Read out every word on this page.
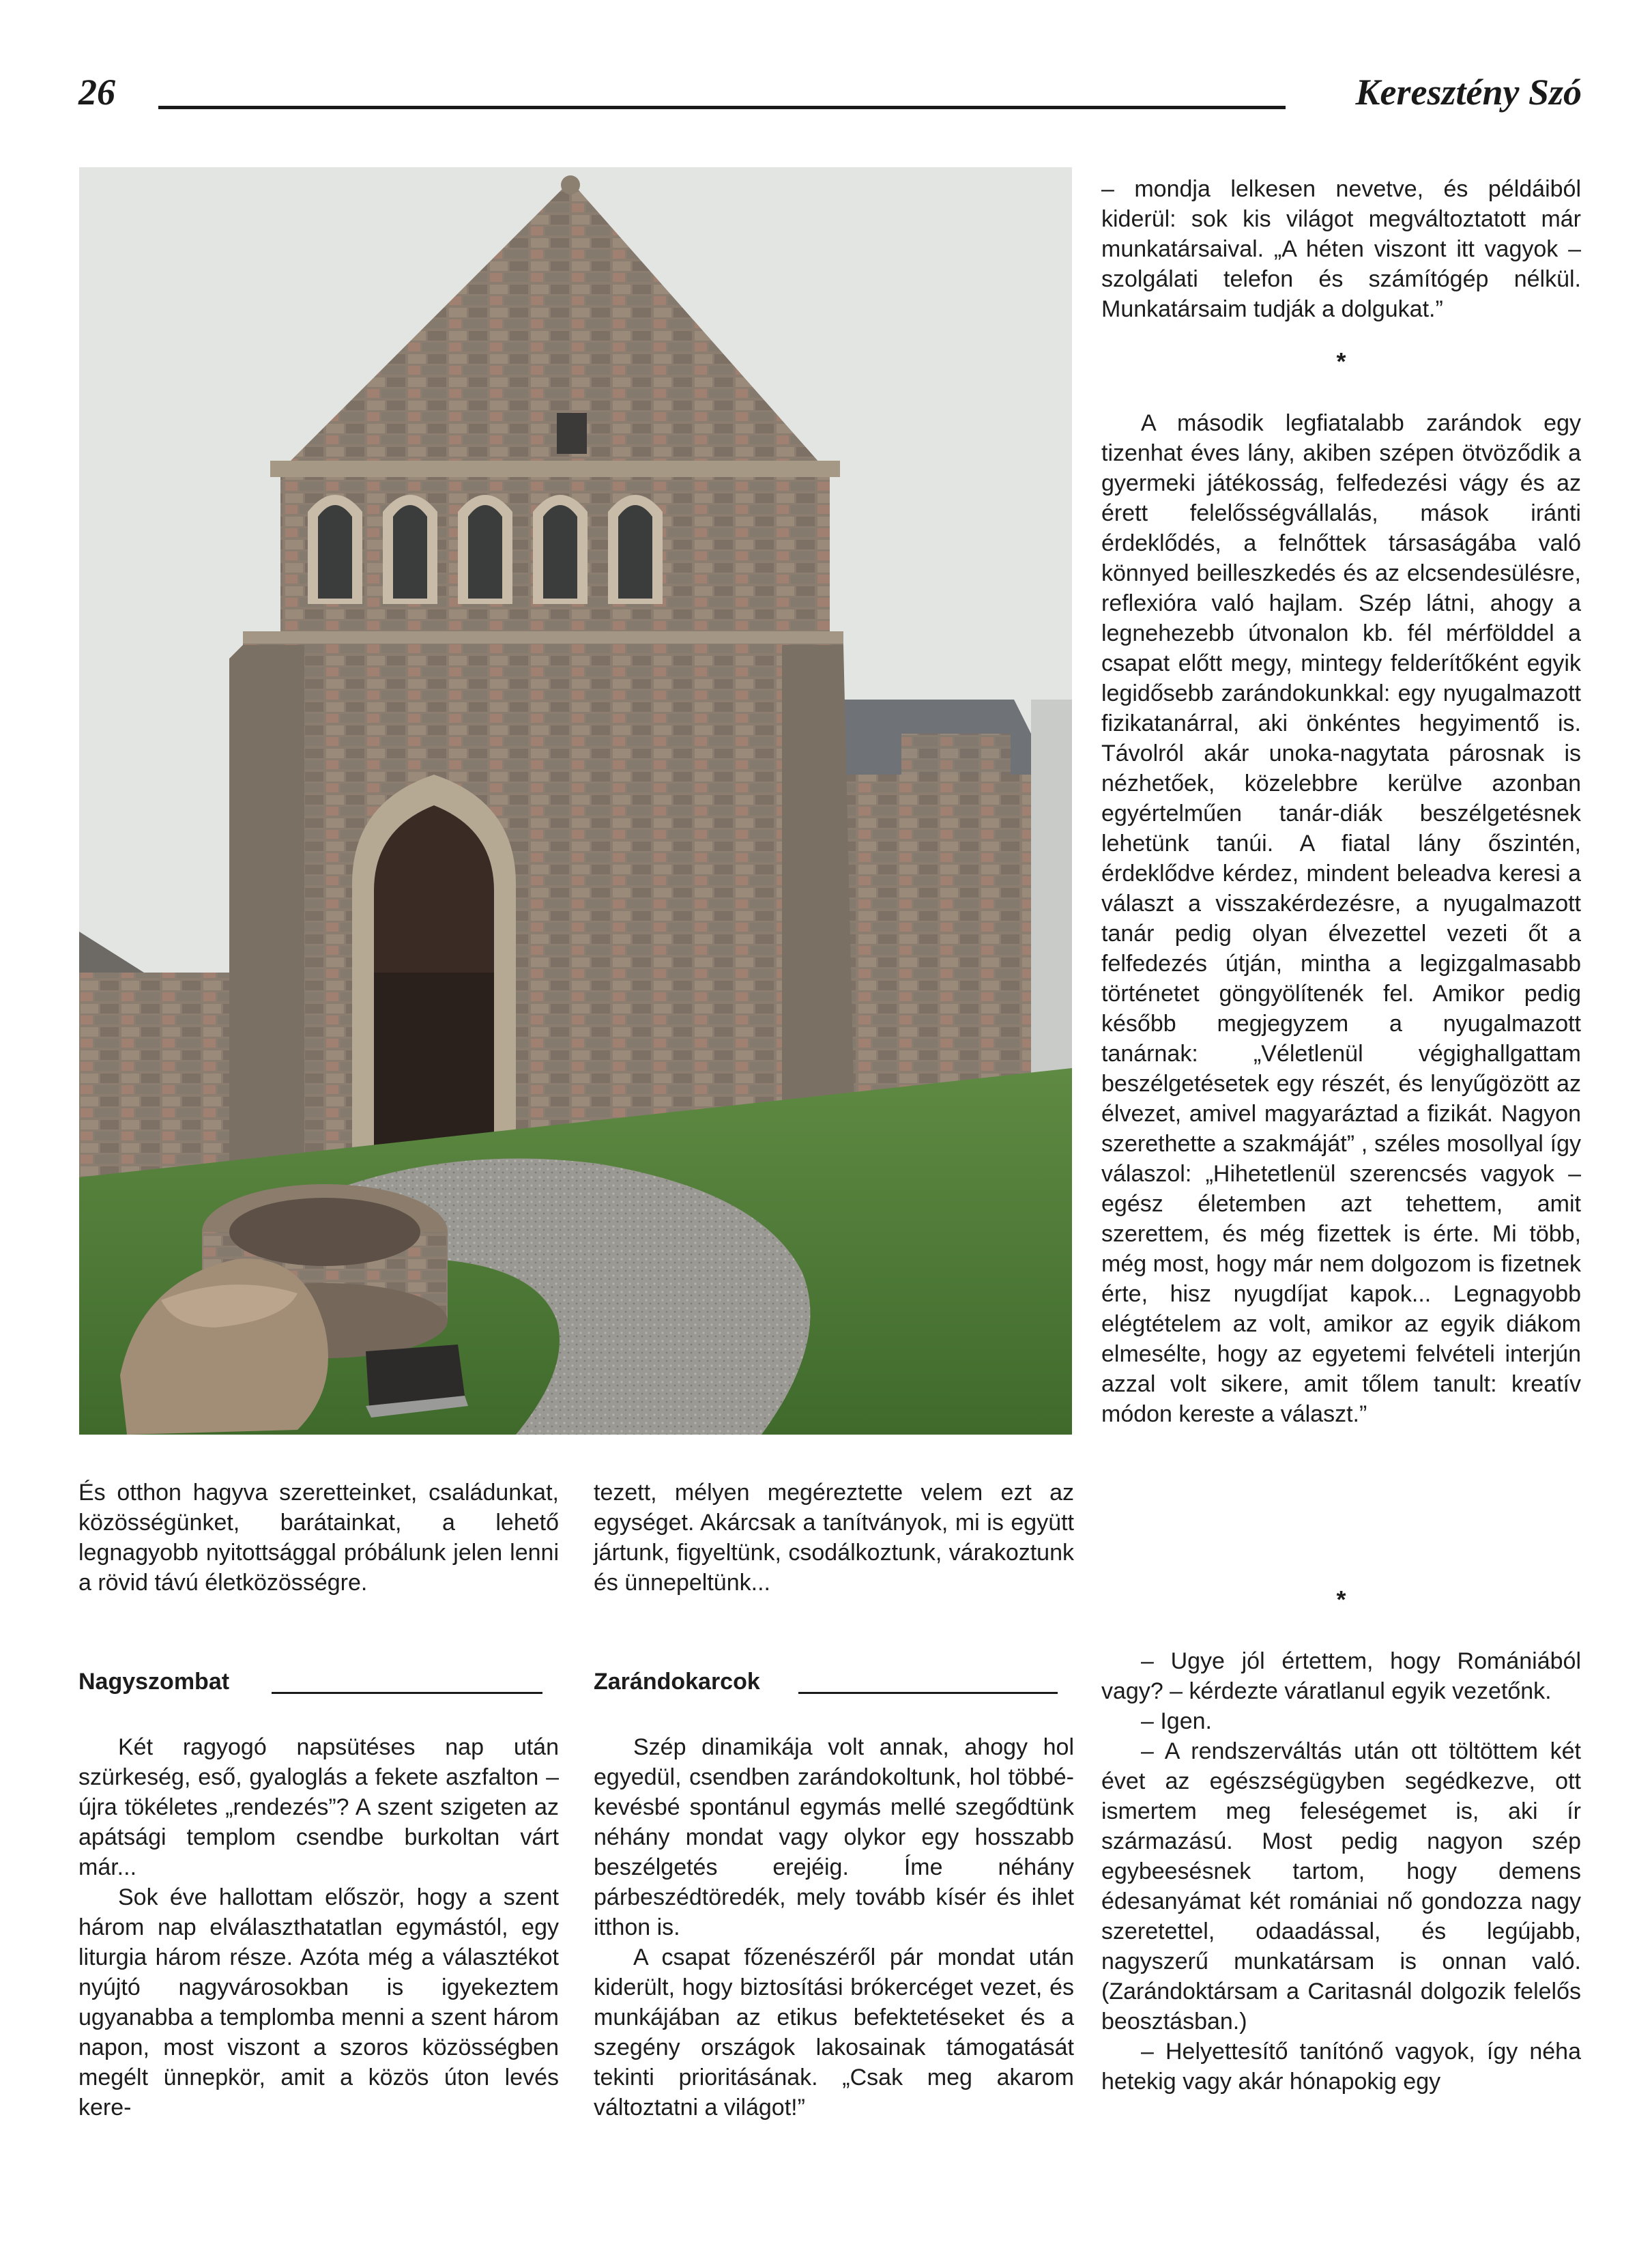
26	Keresztény Szó

– mondja lelkesen nevetve, és példáiból kiderül: sok kis világot megváltoztatott már munkatársaival. „A héten viszont itt vagyok – szolgálati telefon és számítógép nélkül. Munkatársaim tudják a dolgukat.”

*

A második legfiatalabb zarándok egy tizenhat éves lány, akiben szépen ötvöződik a gyermeki játékosság, felfedezési vágy és az érett felelősségvállalás, mások iránti érdeklődés, a felnőttek társaságába való könnyed beilleszkedés és az elcsendesülésre, reflexióra való hajlam. Szép látni, ahogy a legnehezebb útvonalon kb. fél mérfölddel a csapat előtt megy, mintegy felderítőként egyik legidősebb zarándokunkkal: egy nyugalmazott fizikatanárral, aki önkéntes hegyimentő is. Távolról akár unoka-nagytata párosnak is nézhetőek, közelebbre kerülve azonban egyértelműen tanár-diák beszélgetésnek lehetünk tanúi. A fiatal lány őszintén, érdeklődve kérdez, mindent beleadva keresi a választ a visszakérdezésre, a nyugalmazott tanár pedig olyan élvezettel vezeti őt a felfedezés útján, mintha a legizgalmasabb történetet göngyölítenék fel. Amikor pedig később megjegyzem a nyugalmazott tanárnak: „Véletlenül végighallgattam beszélgetésetek egy részét, és lenyűgözött az élvezet, amivel magyaráztad a fizikát. Nagyon szerethette a szakmáját” , széles mosollyal így válaszol: „Hihetetlenül szerencsés vagyok – egész életemben azt tehettem, amit szerettem, és még fizettek is érte. Mi több, még most, hogy már nem dolgozom is fizetnek érte, hisz nyugdíjat kapok... Legnagyobb elégtételem az volt, amikor az egyik diákom elmesélte, hogy az egyetemi felvételi interjún azzal volt sikere, amit tőlem tanult: kreatív módon kereste a választ.”

*

– Ugye jól értettem, hogy Romániából vagy? – kérdezte váratlanul egyik vezetőnk.

– Igen.

– A rendszerváltás után ott töltöttem két évet az egészségügyben segédkezve, ott ismertem meg feleségemet is, aki ír származású. Most pedig nagyon szép egybeesésnek tartom, hogy demens édesanyámat két romániai nő gondozza nagy szeretettel, odaadással, és legújabb, nagyszerű munkatársam is onnan való. (Zarándoktársam a Caritasnál dolgozik felelős beosztásban.)

– Helyettesítő tanítónő vagyok, így néha hetekig vagy akár hónapokig egy

És otthon hagyva szeretteinket, családunkat, közösségünket, barátainkat, a lehető legnagyobb nyitottsággal próbálunk jelen lenni a rövid távú életközösségre.
Nagyszombat

Két ragyogó napsütéses nap után szürkeség, eső, gyaloglás a fekete aszfalton – újra tökéletes „rendezés”? A szent szigeten az apátsági templom csendbe burkoltan várt már...

Sok éve hallottam először, hogy a szent három nap elválaszthatatlan egymástól, egy liturgia három része. Azóta még a választékot nyújtó nagyvárosokban is igyekeztem ugyanabba a templomba menni a szent három napon, most viszont a szoros közösségben megélt ünnepkör, amit a közös úton levés kere-

tezett, mélyen megéreztette velem ezt az egységet. Akárcsak a tanítványok, mi is együtt jártunk, figyeltünk, csodálkoztunk, várakoztunk és ünnepeltünk...
Zarándokarcok

Szép dinamikája volt annak, ahogy hol egyedül, csendben zarándokoltunk, hol többé-kevésbé spontánul egymás mellé szegődtünk néhány mondat vagy olykor egy hosszabb beszélgetés erejéig. Íme néhány párbeszédtöredék, mely tovább kísér és ihlet itthon is.

A csapat főzenészéről pár mondat után kiderült, hogy biztosítási brókercéget vezet, és munkájában az etikus befektetéseket és a szegény országok lakosainak támogatását tekinti prioritásának. „Csak meg akarom változtatni a világot!”
